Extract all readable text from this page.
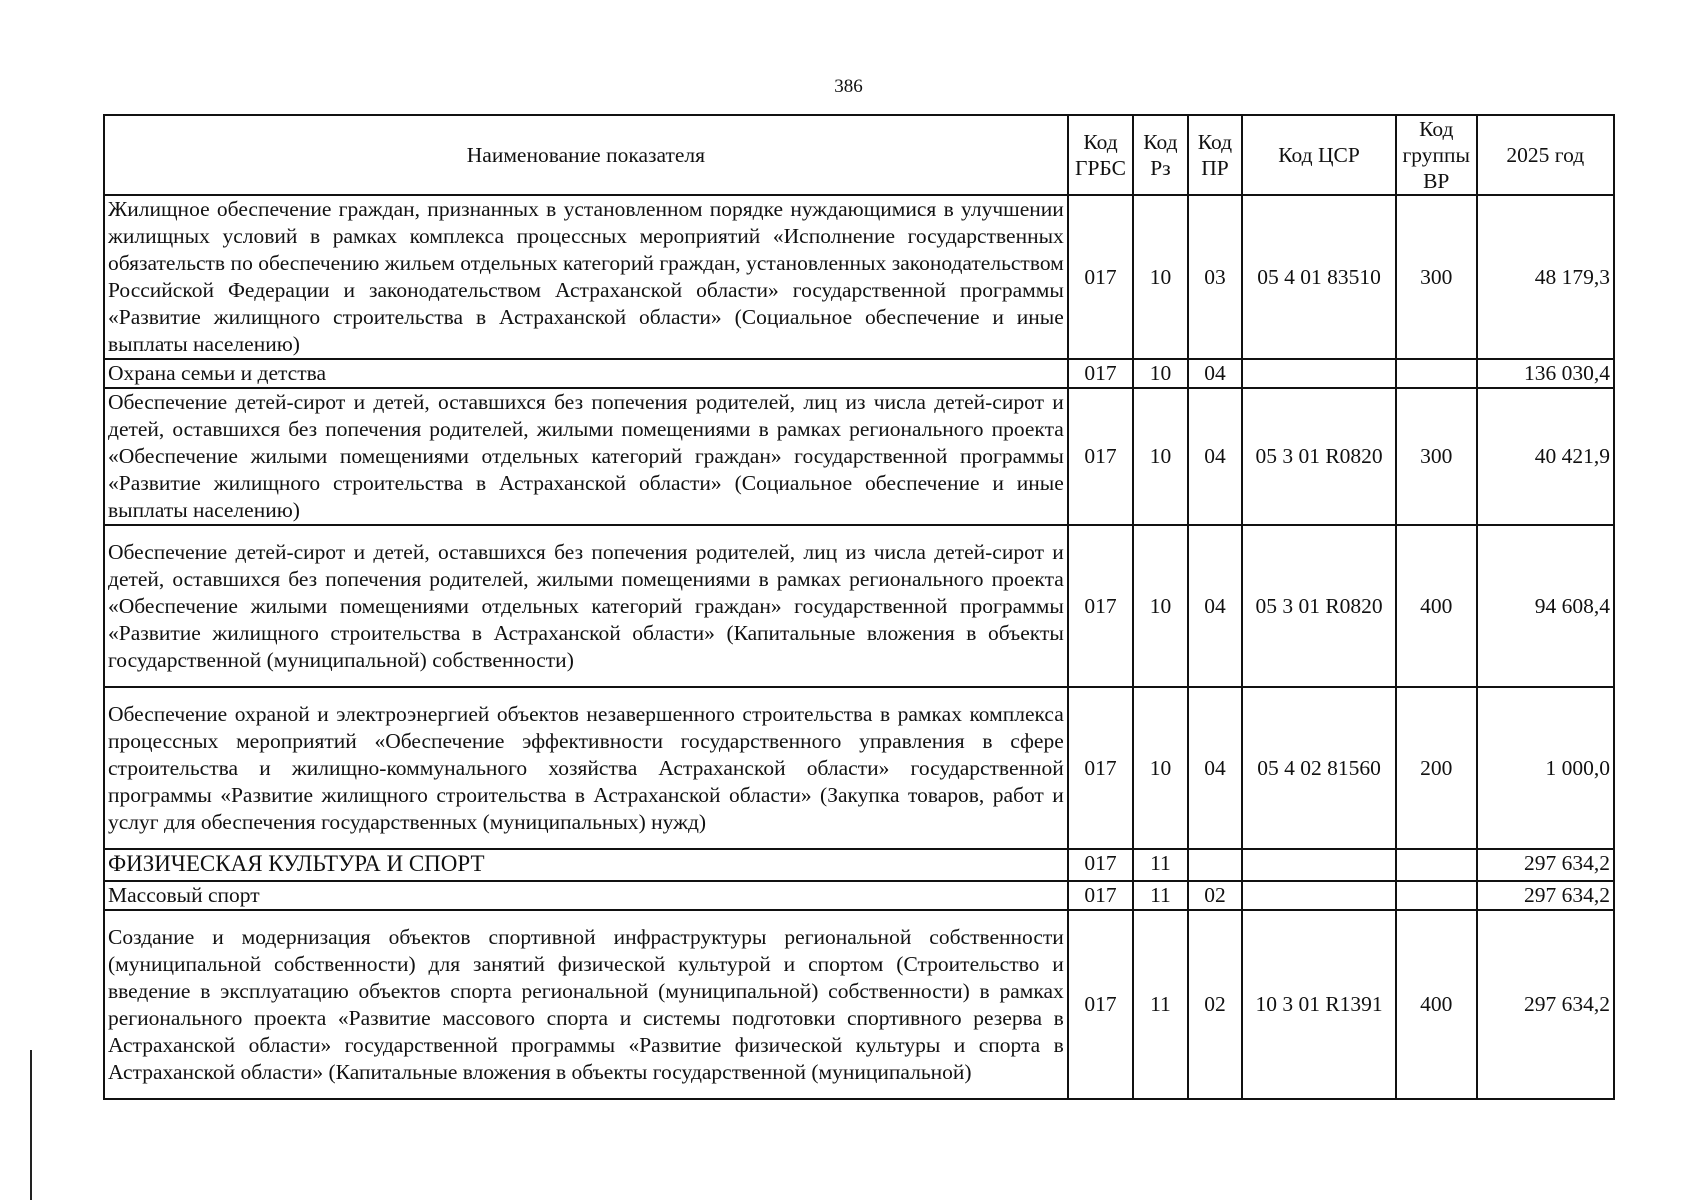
386
Наименование показателя	Код ГРБС	Код Рз	Код ПР	Код ЦСР	Код группы ВР	2025 год
Жилищное обеспечение граждан, признанных в установленном порядке нуждающимися в улучшении жилищных условий в рамках комплекса процессных мероприятий «Исполнение государственных обязательств по обеспечению жильем отдельных категорий граждан, установленных законодательством Российской Федерации и законодательством Астраханской области» государственной программы «Развитие жилищного строительства в Астраханской области» (Социальное обеспечение и иные выплаты населению)	017	10	03	05 4 01 83510	300	48 179,3
Охрана семьи и детства	017	10	04			136 030,4
Обеспечение детей-сирот и детей, оставшихся без попечения родителей, лиц из числа детей-сирот и детей, оставшихся без попечения родителей, жилыми помещениями в рамках регионального проекта «Обеспечение жилыми помещениями отдельных категорий граждан» государственной программы «Развитие жилищного строительства в Астраханской области» (Социальное обеспечение и иные выплаты населению)	017	10	04	05 3 01 R0820	300	40 421,9
Обеспечение детей-сирот и детей, оставшихся без попечения родителей, лиц из числа детей-сирот и детей, оставшихся без попечения родителей, жилыми помещениями в рамках регионального проекта «Обеспечение жилыми помещениями отдельных категорий граждан» государственной программы «Развитие жилищного строительства в Астраханской области» (Капитальные вложения в объекты государственной (муниципальной) собственности)	017	10	04	05 3 01 R0820	400	94 608,4
Обеспечение охраной и электроэнергией объектов незавершенного строительства в рамках комплекса процессных мероприятий «Обеспечение эффективности государственного управления в сфере строительства и жилищно-коммунального хозяйства Астраханской области» государственной программы «Развитие жилищного строительства в Астраханской области» (Закупка товаров, работ и услуг для обеспечения государственных (муниципальных) нужд)	017	10	04	05 4 02 81560	200	1 000,0
ФИЗИЧЕСКАЯ КУЛЬТУРА И СПОРТ	017	11				297 634,2
Массовый спорт	017	11	02			297 634,2
Создание и модернизация объектов спортивной инфраструктуры региональной собственности (муниципальной собственности) для занятий физической культурой и спортом (Строительство и введение в эксплуатацию объектов спорта региональной (муниципальной) собственности) в рамках регионального проекта «Развитие массового спорта и системы подготовки спортивного резерва в Астраханской области» государственной программы «Развитие физической культуры и спорта в Астраханской области» (Капитальные вложения в объекты государственной (муниципальной)	017	11	02	10 3 01 R1391	400	297 634,2
